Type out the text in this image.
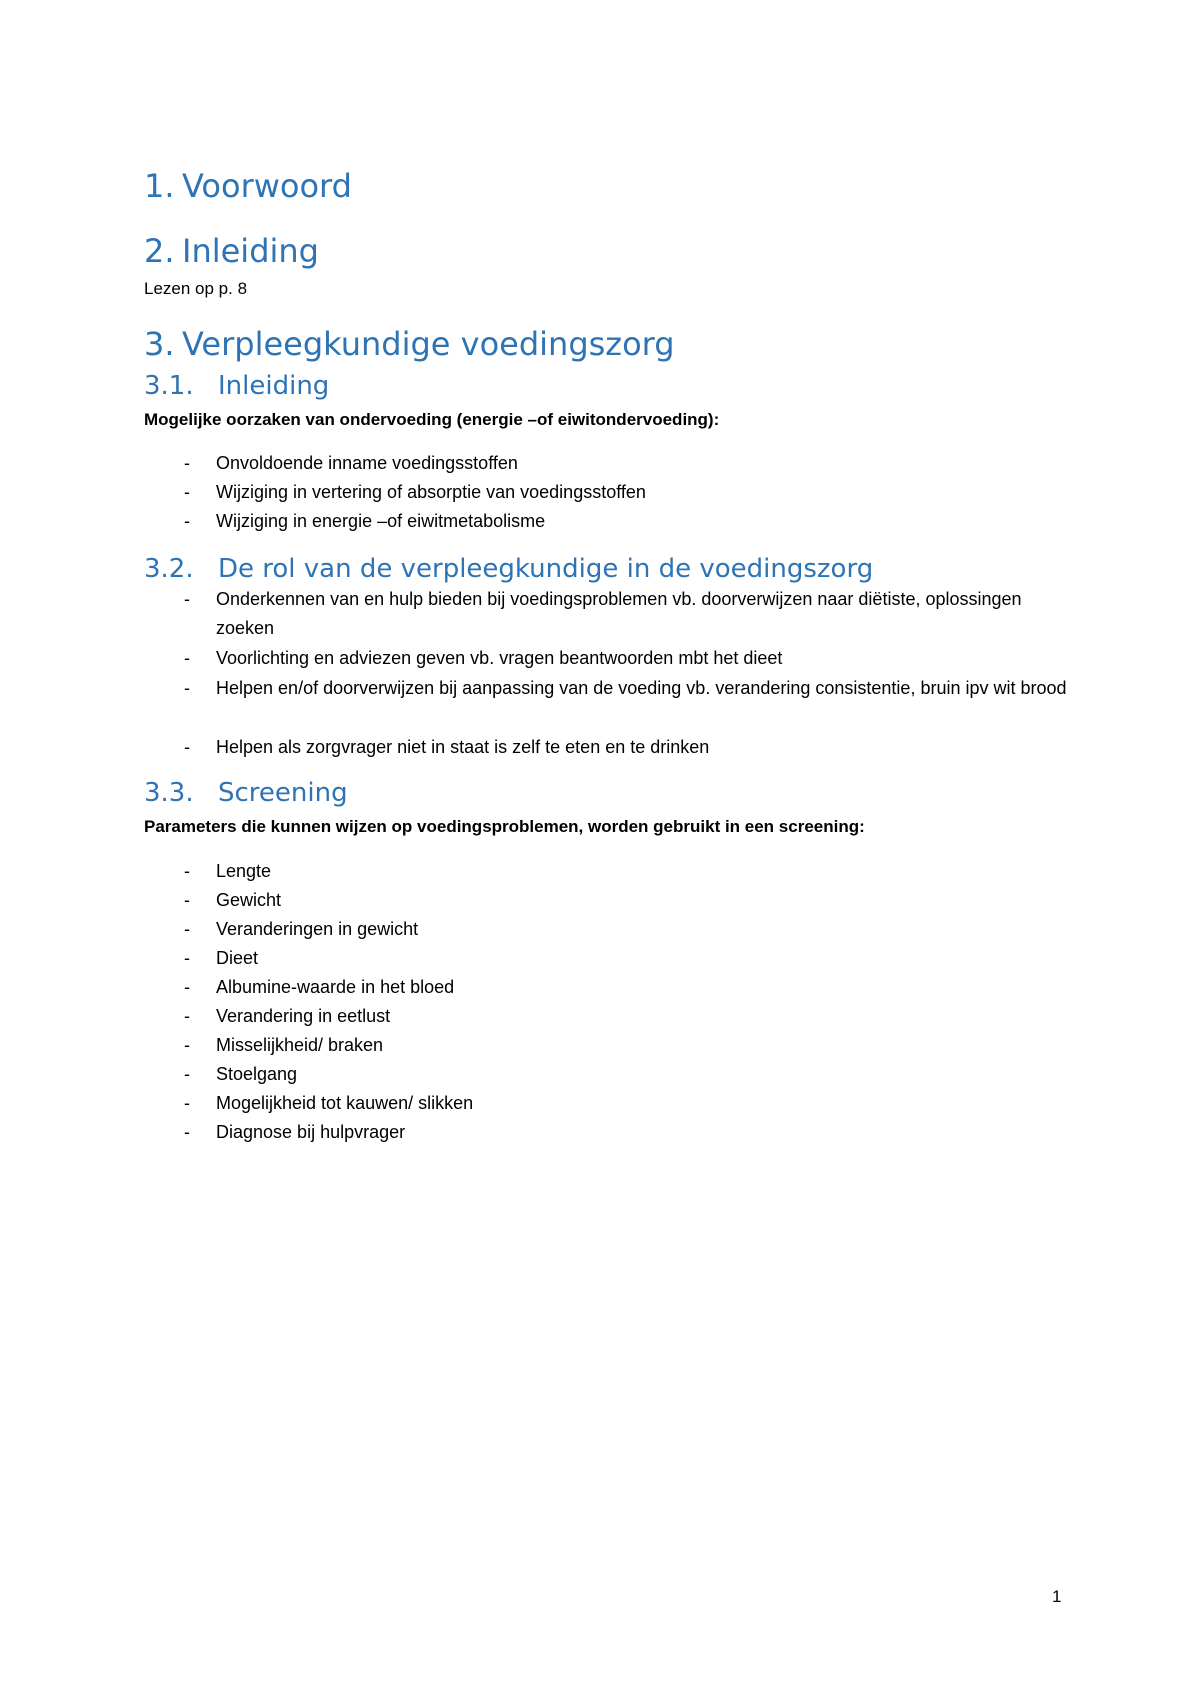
1. Voorwoord
2. Inleiding
Lezen op p. 8
3. Verpleegkundige voedingszorg
3.1. Inleiding
Mogelijke oorzaken van ondervoeding (energie –of eiwitondervoeding):
- Onvoldoende inname voedingsstoffen
- Wijziging in vertering of absorptie van voedingsstoffen
- Wijziging in energie –of eiwitmetabolisme
3.2. De rol van de verpleegkundige in de voedingszorg
- Onderkennen van en hulp bieden bij voedingsproblemen vb. doorverwijzen naar diëtiste, oplossingen zoeken
- Voorlichting en adviezen geven vb. vragen beantwoorden mbt het dieet
- Helpen en/of doorverwijzen bij aanpassing van de voeding vb. verandering consistentie, bruin ipv wit brood
- Helpen als zorgvrager niet in staat is zelf te eten en te drinken
3.3. Screening
Parameters die kunnen wijzen op voedingsproblemen, worden gebruikt in een screening:
- Lengte
- Gewicht
- Veranderingen in gewicht
- Dieet
- Albumine-waarde in het bloed
- Verandering in eetlust
- Misselijkheid/ braken
- Stoelgang
- Mogelijkheid tot kauwen/ slikken
- Diagnose bij hulpvrager
1
